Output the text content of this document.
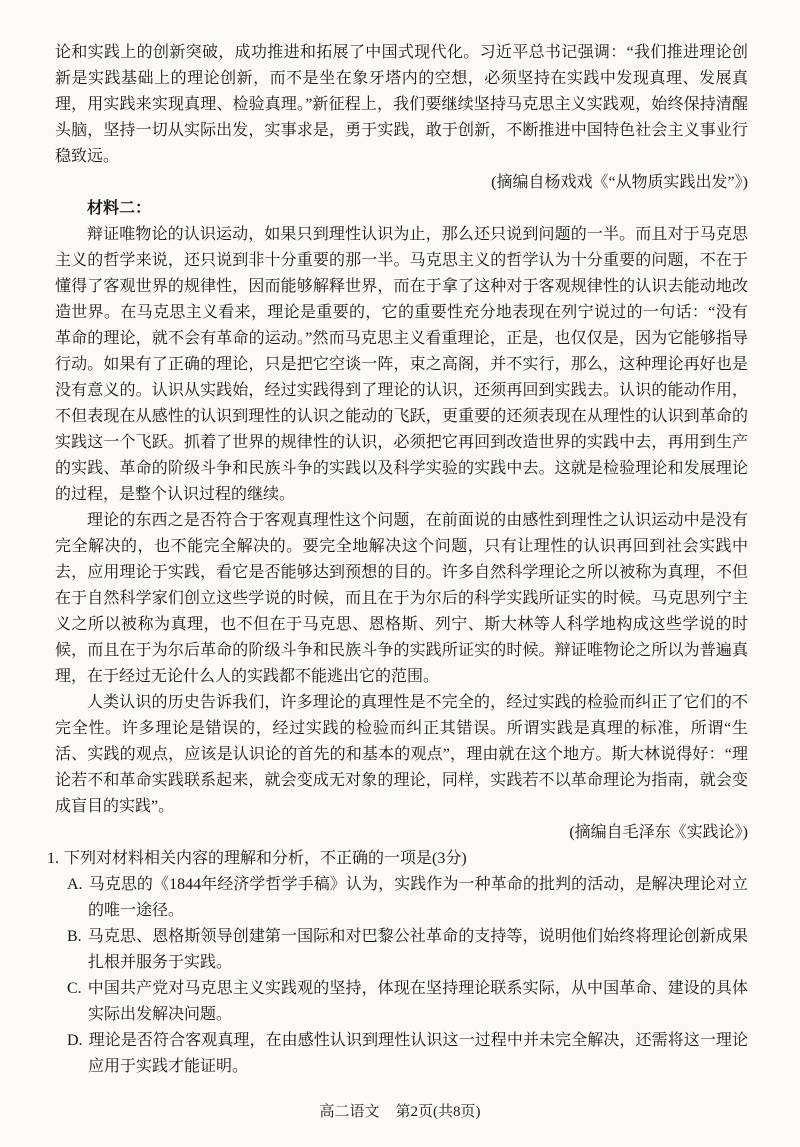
论和实践上的创新突破，成功推进和拓展了中国式现代化。习近平总书记强调：“我们推进理论创新是实践基础上的理论创新，而不是坐在象牙塔内的空想，必须坚持在实践中发现真理、发展真理，用实践来实现真理、检验真理。”新征程上，我们要继续坚持马克思主义实践观，始终保持清醒头脑，坚持一切从实际出发，实事求是，勇于实践，敢于创新，不断推进中国特色社会主义事业行稳致远。

(摘编自杨戏戏《“从物质实践出发”》)

材料二：

辩证唯物论的认识运动，如果只到理性认识为止，那么还只说到问题的一半。而且对于马克思主义的哲学来说，还只说到非十分重要的那一半。马克思主义的哲学认为十分重要的问题，不在于懂得了客观世界的规律性，因而能够解释世界，而在于拿了这种对于客观规律性的认识去能动地改造世界。在马克思主义看来，理论是重要的，它的重要性充分地表现在列宁说过的一句话：“没有革命的理论，就不会有革命的运动。”然而马克思主义看重理论，正是，也仅仅是，因为它能够指导行动。如果有了正确的理论，只是把它空谈一阵，束之高阁，并不实行，那么，这种理论再好也是没有意义的。认识从实践始，经过实践得到了理论的认识，还须再回到实践去。认识的能动作用，不但表现在从感性的认识到理性的认识之能动的飞跃，更重要的还须表现在从理性的认识到革命的实践这一个飞跃。抓着了世界的规律性的认识，必须把它再回到改造世界的实践中去，再用到生产的实践、革命的阶级斗争和民族斗争的实践以及科学实验的实践中去。这就是检验理论和发展理论的过程，是整个认识过程的继续。

理论的东西之是否符合于客观真理性这个问题，在前面说的由感性到理性之认识运动中是没有完全解决的，也不能完全解决的。要完全地解决这个问题，只有让理性的认识再回到社会实践中去，应用理论于实践，看它是否能够达到预想的目的。许多自然科学理论之所以被称为真理，不但在于自然科学家们创立这些学说的时候，而且在于为尔后的科学实践所证实的时候。马克思列宁主义之所以被称为真理，也不但在于马克思、恩格斯、列宁、斯大林等人科学地构成这些学说的时候，而且在于为尔后革命的阶级斗争和民族斗争的实践所证实的时候。辩证唯物论之所以为普遍真理，在于经过无论什么人的实践都不能逃出它的范围。

人类认识的历史告诉我们，许多理论的真理性是不完全的，经过实践的检验而纠正了它们的不完全性。许多理论是错误的，经过实践的检验而纠正其错误。所谓实践是真理的标准，所谓“生活、实践的观点，应该是认识论的首先的和基本的观点”，理由就在这个地方。斯大林说得好：“理论若不和革命实践联系起来，就会变成无对象的理论，同样，实践若不以革命理论为指南，就会变成盲目的实践”。

(摘编自毛泽东《实践论》)

1. 下列对材料相关内容的理解和分析，不正确的一项是(3分)

A. 马克思的《1844年经济学哲学手稿》认为，实践作为一种革命的批判的活动，是解决理论对立的唯一途径。

B. 马克思、恩格斯领导创建第一国际和对巴黎公社革命的支持等，说明他们始终将理论创新成果扎根并服务于实践。

C. 中国共产党对马克思主义实践观的坚持，体现在坚持理论联系实际，从中国革命、建设的具体实际出发解决问题。

D. 理论是否符合客观真理，在由感性认识到理性认识这一过程中并未完全解决，还需将这一理论应用于实践才能证明。

高二语文 第2页(共8页)
